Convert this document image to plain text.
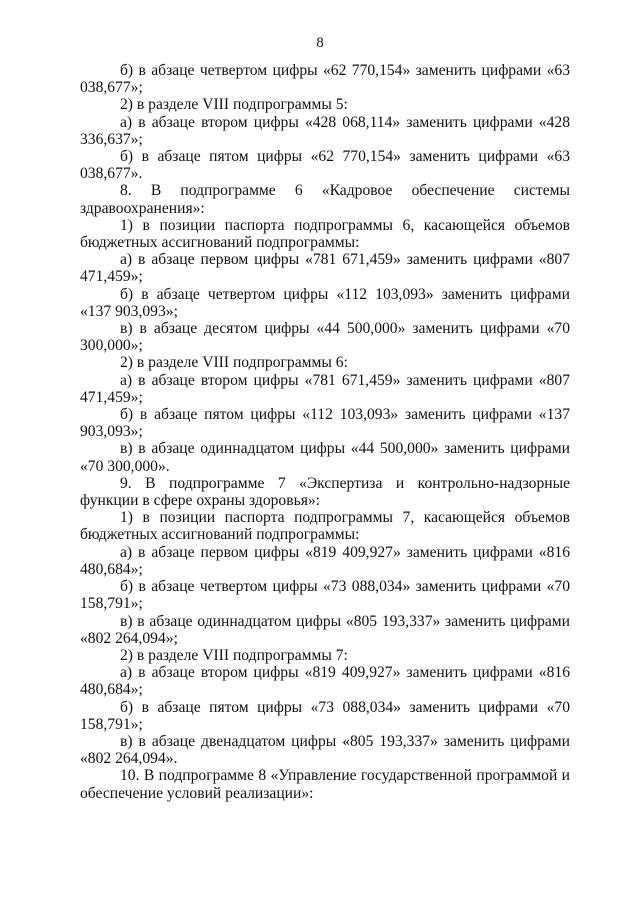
8

б) в абзаце четвертом цифры «62 770,154» заменить цифрами «63 038,677»;

2) в разделе VIII подпрограммы 5:

а) в абзаце втором цифры «428 068,114» заменить цифрами «428 336,637»;

б) в абзаце пятом цифры «62 770,154» заменить цифрами «63 038,677».

8. В подпрограмме 6 «Кадровое обеспечение системы здравоохранения»:

1) в позиции паспорта подпрограммы 6, касающейся объемов бюджетных ассигнований подпрограммы:

а) в абзаце первом цифры «781 671,459» заменить цифрами «807 471,459»;

б) в абзаце четвертом цифры «112 103,093» заменить цифрами «137 903,093»;

в) в абзаце десятом цифры «44 500,000» заменить цифрами «70 300,000»;

2) в разделе VIII подпрограммы 6:

а) в абзаце втором цифры «781 671,459» заменить цифрами «807 471,459»;

б) в абзаце пятом цифры «112 103,093» заменить цифрами «137 903,093»;

в) в абзаце одиннадцатом цифры «44 500,000» заменить цифрами «70 300,000».

9. В подпрограмме 7 «Экспертиза и контрольно-надзорные функции в сфере охраны здоровья»:

1) в позиции паспорта подпрограммы 7, касающейся объемов бюджетных ассигнований подпрограммы:

а) в абзаце первом цифры «819 409,927» заменить цифрами «816 480,684»;

б) в абзаце четвертом цифры «73 088,034» заменить цифрами «70 158,791»;

в) в абзаце одиннадцатом цифры «805 193,337» заменить цифрами «802 264,094»;

2) в разделе VIII подпрограммы 7:

а) в абзаце втором цифры «819 409,927» заменить цифрами «816 480,684»;

б) в абзаце пятом цифры «73 088,034» заменить цифрами «70 158,791»;

в) в абзаце двенадцатом цифры «805 193,337» заменить цифрами «802 264,094».

10. В подпрограмме 8 «Управление государственной программой и обеспечение условий реализации»:
